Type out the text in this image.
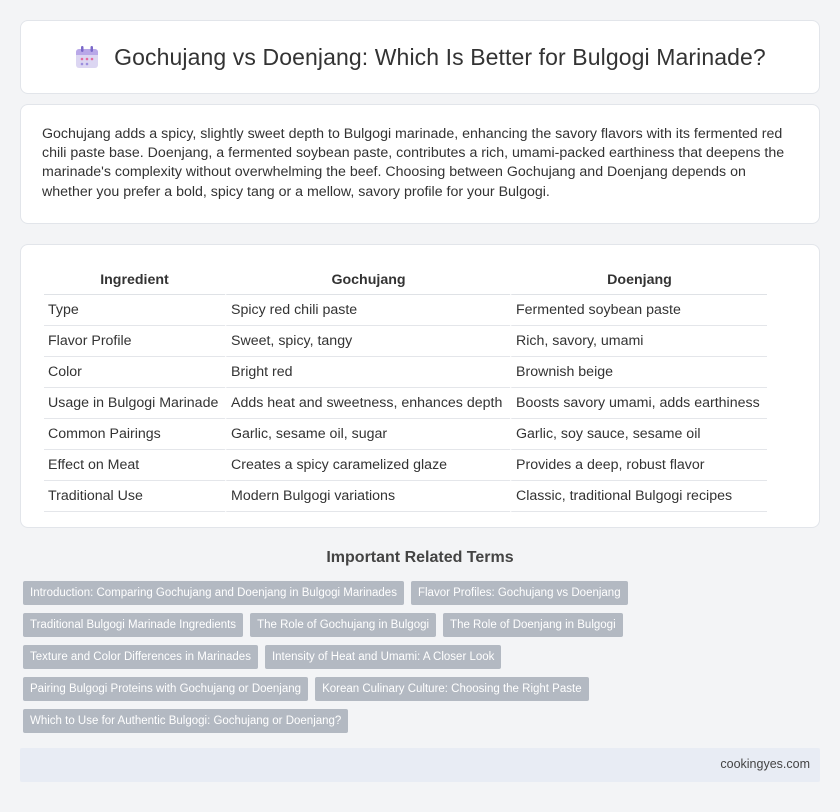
Gochujang vs Doenjang: Which Is Better for Bulgogi Marinade?

Gochujang adds a spicy, slightly sweet depth to Bulgogi marinade, enhancing the savory flavors with its fermented red chili paste base. Doenjang, a fermented soybean paste, contributes a rich, umami-packed earthiness that deepens the marinade's complexity without overwhelming the beef. Choosing between Gochujang and Doenjang depends on whether you prefer a bold, spicy tang or a mellow, savory profile for your Bulgogi.

Ingredient	Gochujang	Doenjang
Type	Spicy red chili paste	Fermented soybean paste
Flavor Profile	Sweet, spicy, tangy	Rich, savory, umami
Color	Bright red	Brownish beige
Usage in Bulgogi Marinade	Adds heat and sweetness, enhances depth	Boosts savory umami, adds earthiness
Common Pairings	Garlic, sesame oil, sugar	Garlic, soy sauce, sesame oil
Effect on Meat	Creates a spicy caramelized glaze	Provides a deep, robust flavor
Traditional Use	Modern Bulgogi variations	Classic, traditional Bulgogi recipes
Important Related Terms
Introduction: Comparing Gochujang and Doenjang in Bulgogi Marinades	Flavor Profiles: Gochujang vs Doenjang
Traditional Bulgogi Marinade Ingredients	The Role of Gochujang in Bulgogi	The Role of Doenjang in Bulgogi
Texture and Color Differences in Marinades	Intensity of Heat and Umami: A Closer Look
Pairing Bulgogi Proteins with Gochujang or Doenjang	Korean Culinary Culture: Choosing the Right Paste
Which to Use for Authentic Bulgogi: Gochujang or Doenjang?
cookingyes.com
